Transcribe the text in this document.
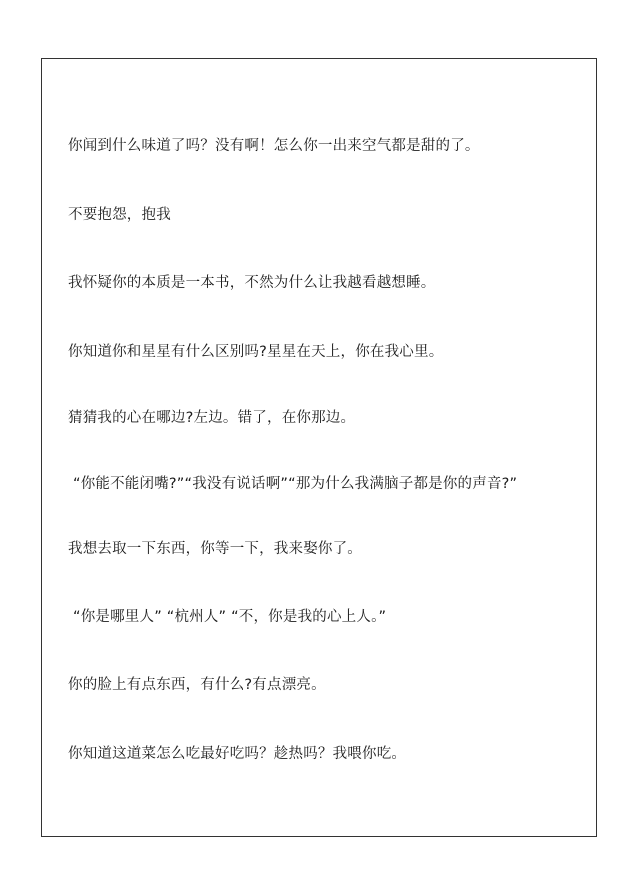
你闻到什么味道了吗？没有啊！怎么你一出来空气都是甜的了。
不要抱怨，抱我
我怀疑你的本质是一本书，不然为什么让我越看越想睡。
你知道你和星星有什么区别吗?星星在天上，你在我心里。
猜猜我的心在哪边?左边。错了，在你那边。
“你能不能闭嘴?”“我没有说话啊”“那为什么我满脑子都是你的声音?”
我想去取一下东西，你等一下，我来娶你了。
“你是哪里人” “杭州人” “不，你是我的心上人。”
你的脸上有点东西，有什么?有点漂亮。
你知道这道菜怎么吃最好吃吗？趁热吗？我喂你吃。
